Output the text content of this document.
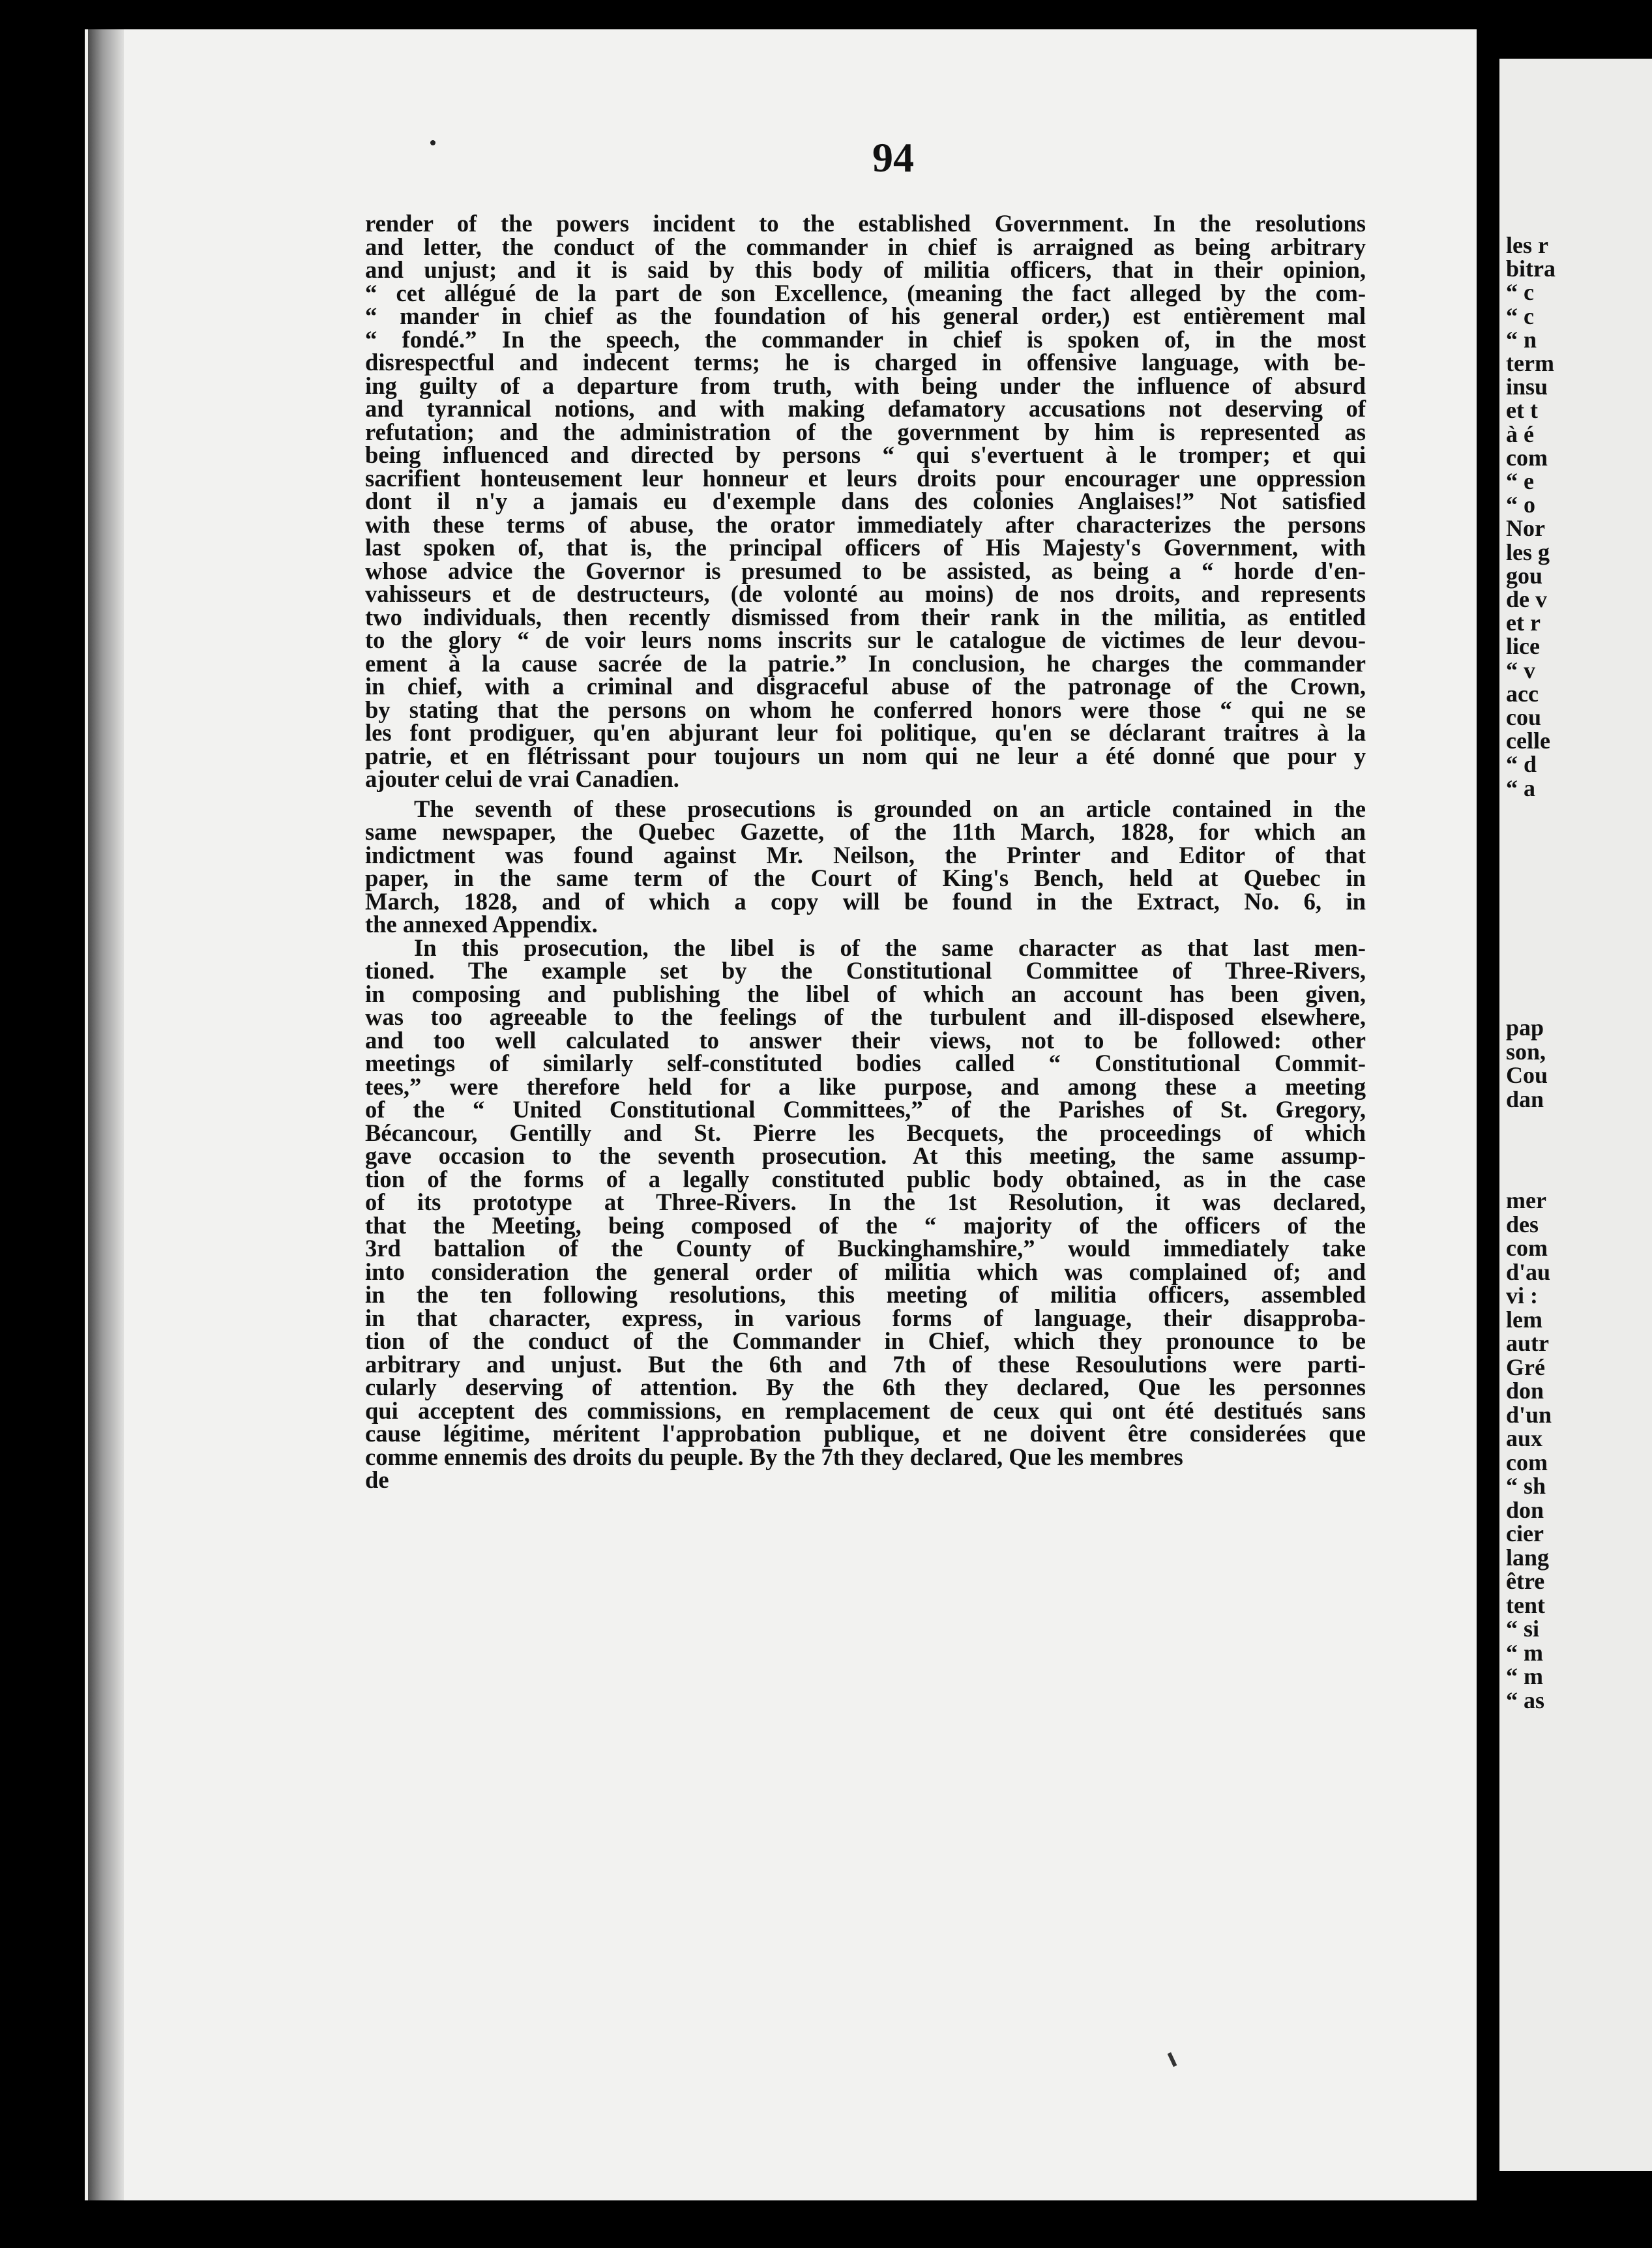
94
render of the powers incident to the established Government. In the resolutions
and letter, the conduct of the commander in chief is arraigned as being arbitrary
and unjust; and it is said by this body of militia officers, that in their opinion,
“ cet allégué de la part de son Excellence, (meaning the fact alleged by the com-
“ mander in chief as the foundation of his general order,) est entièrement mal
“ fondé.” In the speech, the commander in chief is spoken of, in the most
disrespectful and indecent terms; he is charged in offensive language, with be-
ing guilty of a departure from truth, with being under the influence of absurd
and tyrannical notions, and with making defamatory accusations not deserving of
refutation; and the administration of the government by him is represented as
being influenced and directed by persons “ qui s'evertuent à le tromper; et qui
sacrifient honteusement leur honneur et leurs droits pour encourager une oppression
dont il n'y a jamais eu d'exemple dans des colonies Anglaises!” Not satisfied
with these terms of abuse, the orator immediately after characterizes the persons
last spoken of, that is, the principal officers of His Majesty's Government, with
whose advice the Governor is presumed to be assisted, as being a “ horde d'en-
vahisseurs et de destructeurs, (de volonté au moins) de nos droits, and represents
two individuals, then recently dismissed from their rank in the militia, as entitled
to the glory “ de voir leurs noms inscrits sur le catalogue de victimes de leur devou-
ement à la cause sacrée de la patrie.” In conclusion, he charges the commander
in chief, with a criminal and disgraceful abuse of the patronage of the Crown,
by stating that the persons on whom he conferred honors were those “ qui ne se
les font prodiguer, qu'en abjurant leur foi politique, qu'en se déclarant traitres à la
patrie, et en flétrissant pour toujours un nom qui ne leur a été donné que pour y
ajouter celui de vrai Canadien.
The seventh of these prosecutions is grounded on an article contained in the
same newspaper, the Quebec Gazette, of the 11th March, 1828, for which an
indictment was found against Mr. Neilson, the Printer and Editor of that
paper, in the same term of the Court of King's Bench, held at Quebec in
March, 1828, and of which a copy will be found in the Extract, No. 6, in
the annexed Appendix.
In this prosecution, the libel is of the same character as that last men-
tioned. The example set by the Constitutional Committee of Three-Rivers,
in composing and publishing the libel of which an account has been given,
was too agreeable to the feelings of the turbulent and ill-disposed elsewhere,
and too well calculated to answer their views, not to be followed: other
meetings of similarly self-constituted bodies called “ Constitutional Commit-
tees,” were therefore held for a like purpose, and among these a meeting
of the “ United Constitutional Committees,” of the Parishes of St. Gregory,
Bécancour, Gentilly and St. Pierre les Becquets, the proceedings of which
gave occasion to the seventh prosecution. At this meeting, the same assump-
tion of the forms of a legally constituted public body obtained, as in the case
of its prototype at Three-Rivers. In the 1st Resolution, it was declared,
that the Meeting, being composed of the “ majority of the officers of the
3rd battalion of the County of Buckinghamshire,” would immediately take
into consideration the general order of militia which was complained of; and
in the ten following resolutions, this meeting of militia officers, assembled
in that character, express, in various forms of language, their disapproba-
tion of the conduct of the Commander in Chief, which they pronounce to be
arbitrary and unjust. But the 6th and 7th of these Resoulutions were parti-
cularly deserving of attention. By the 6th they declared, Que les personnes
qui acceptent des commissions, en remplacement de ceux qui ont été destitués sans
cause légitime, méritent l'approbation publique, et ne doivent être considerées que
comme ennemis des droits du peuple. By the 7th they declared, Que les membres
de
les r
bitra
“ c
“ c
“ n
term
insu
et t
à é
com
“ e
“ o
Nor
les g
gou
de v
et r
lice
“ v
acc
cou
celle
“ d
“ a
pap
son,
Cou
dan
mer
des
com
d'au
vi :
lem
autr
Gré
don
d'un
aux
com
“ sh
don
cier
lang
être
tent
“ si
“ m
“ m
“ as
